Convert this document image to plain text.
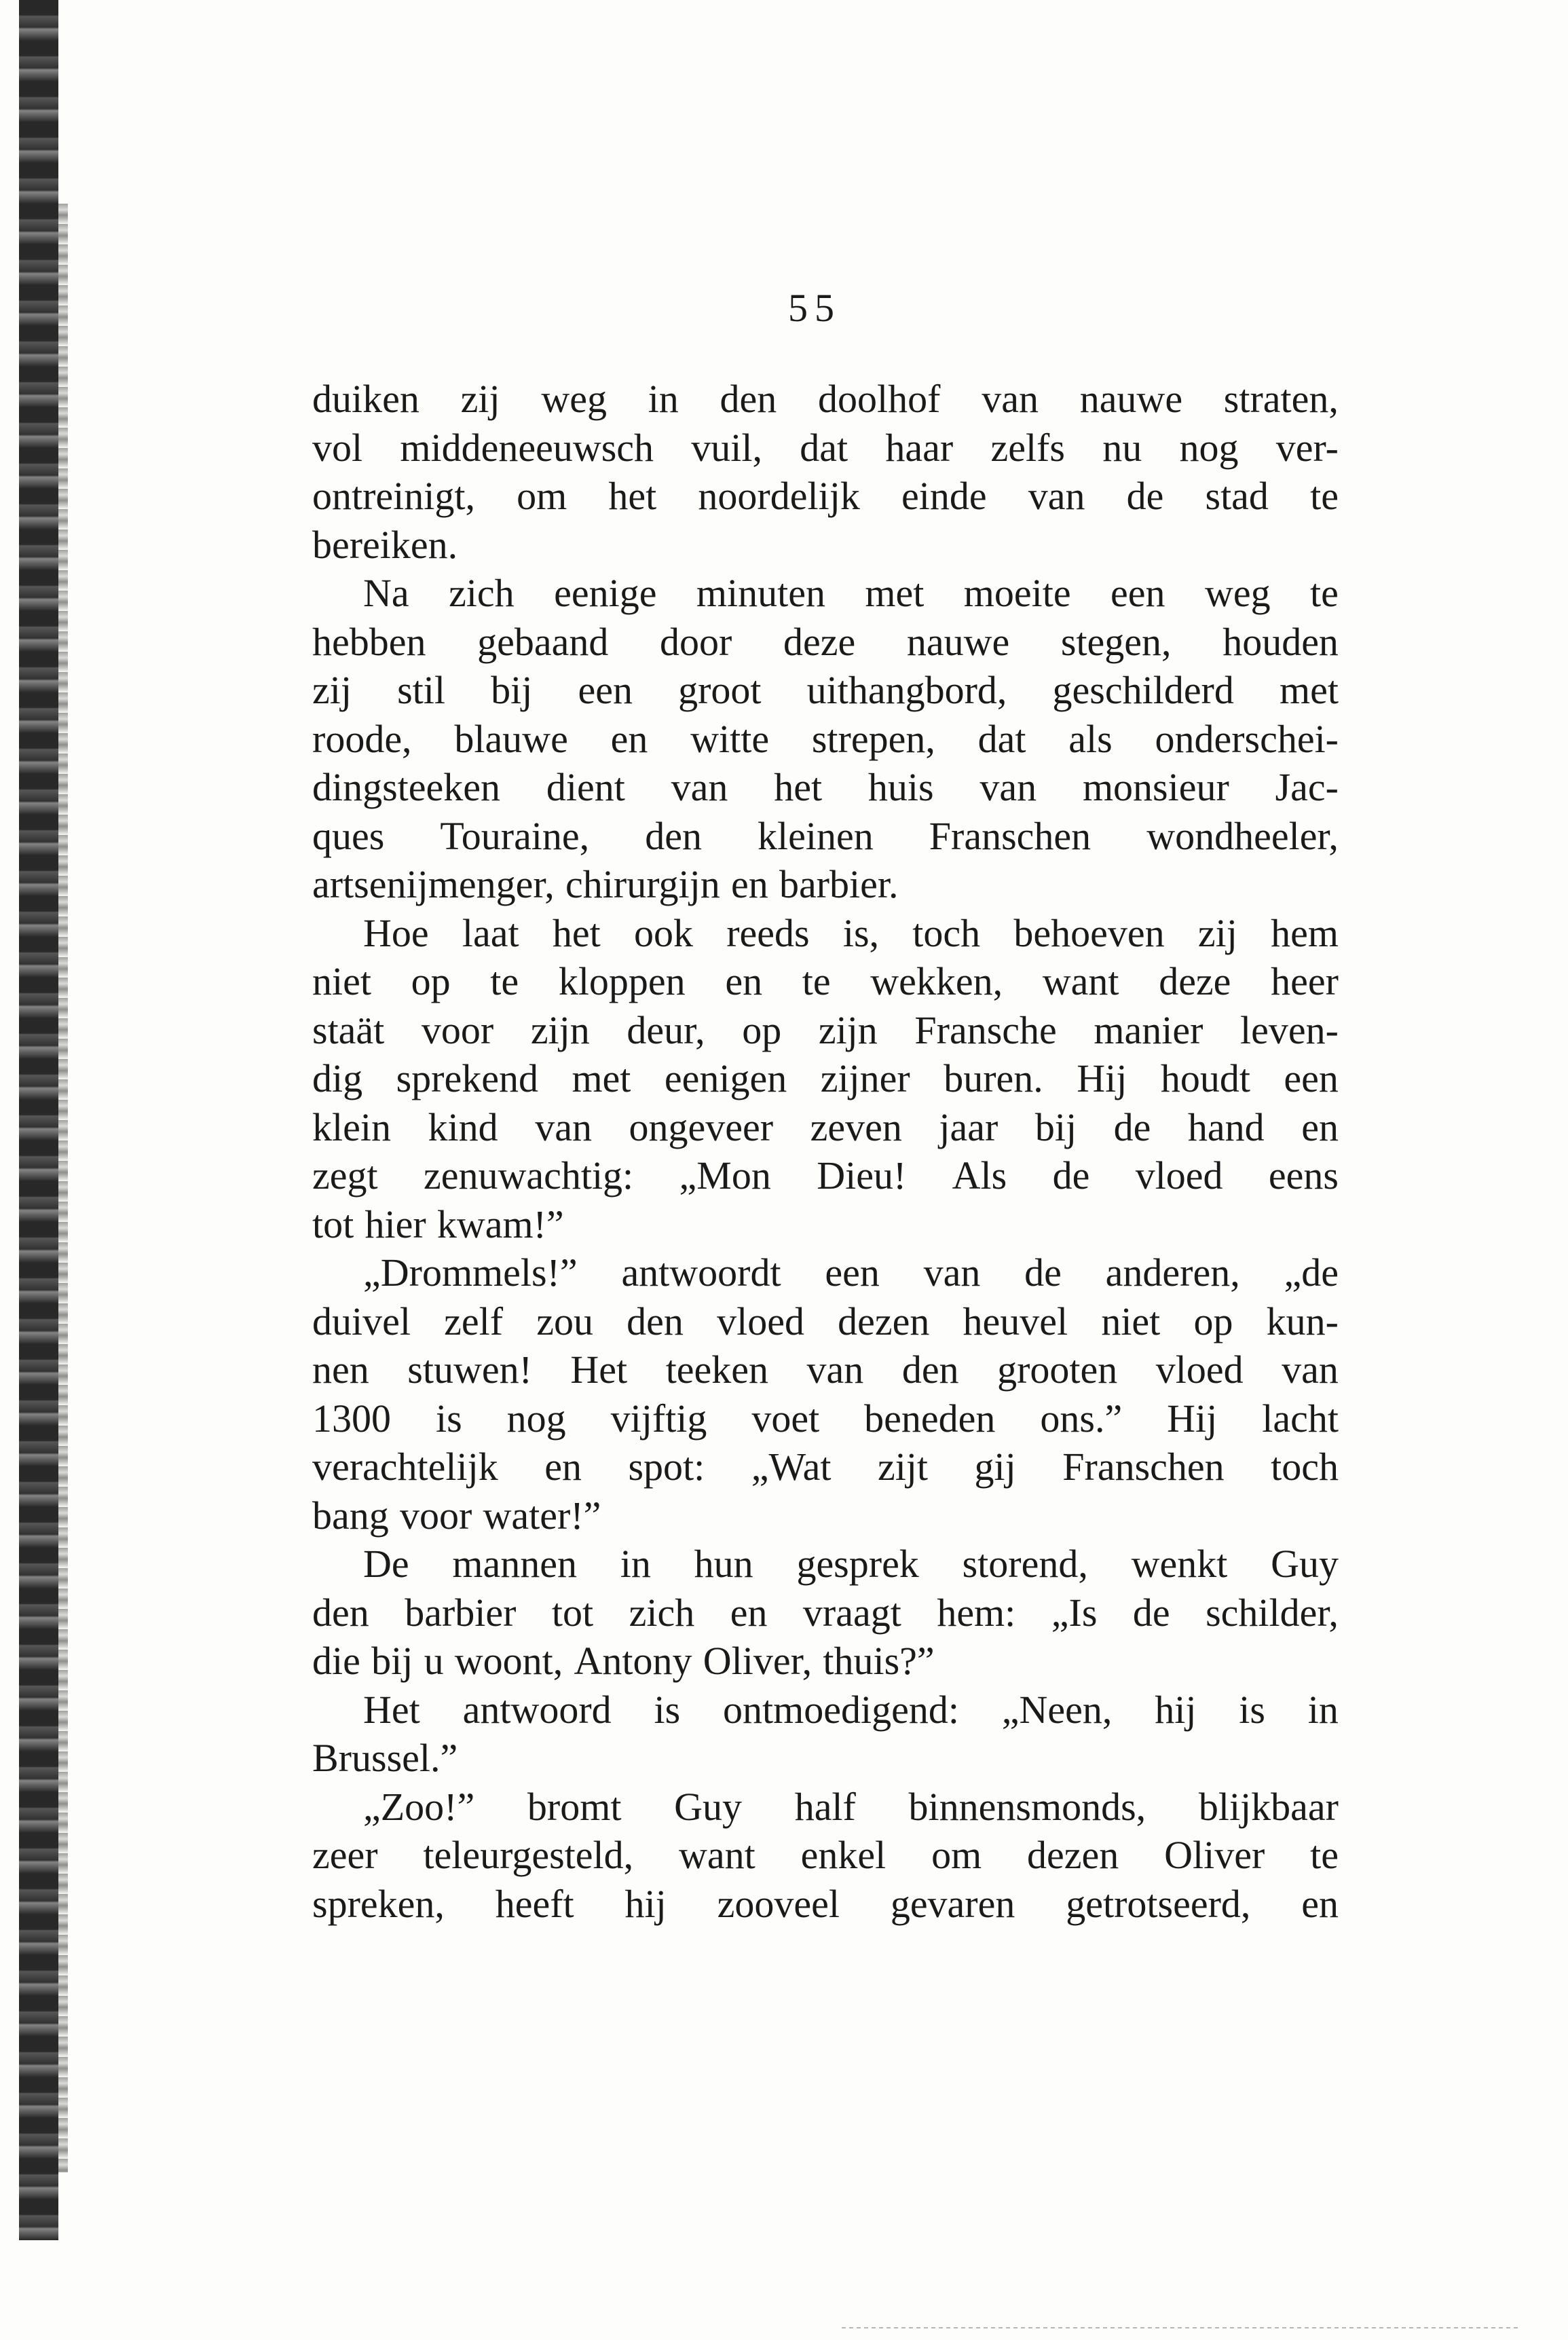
55
duiken zij weg in den doolhof van nauwe straten,
vol middeneeuwsch vuil, dat haar zelfs nu nog ver-
ontreinigt, om het noordelijk einde van de stad te
bereiken.
Na zich eenige minuten met moeite een weg te
hebben gebaand door deze nauwe stegen, houden
zij stil bij een groot uithangbord, geschilderd met
roode, blauwe en witte strepen, dat als onderschei-
dingsteeken dient van het huis van monsieur Jac-
ques Touraine, den kleinen Franschen wondheeler,
artsenijmenger, chirurgijn en barbier.
Hoe laat het ook reeds is, toch behoeven zij hem
niet op te kloppen en te wekken, want deze heer
staät voor zijn deur, op zijn Fransche manier leven-
dig sprekend met eenigen zijner buren. Hij houdt een
klein kind van ongeveer zeven jaar bij de hand en
zegt zenuwachtig: „Mon Dieu! Als de vloed eens
tot hier kwam!”
„Drommels!” antwoordt een van de anderen, „de
duivel zelf zou den vloed dezen heuvel niet op kun-
nen stuwen! Het teeken van den grooten vloed van
1300 is nog vijftig voet beneden ons.” Hij lacht
verachtelijk en spot: „Wat zijt gij Franschen toch
bang voor water!”
De mannen in hun gesprek storend, wenkt Guy
den barbier tot zich en vraagt hem: „Is de schilder,
die bij u woont, Antony Oliver, thuis?”
Het antwoord is ontmoedigend: „Neen, hij is in
Brussel.”
„Zoo!” bromt Guy half binnensmonds, blijkbaar
zeer teleurgesteld, want enkel om dezen Oliver te
spreken, heeft hij zooveel gevaren getrotseerd, en
